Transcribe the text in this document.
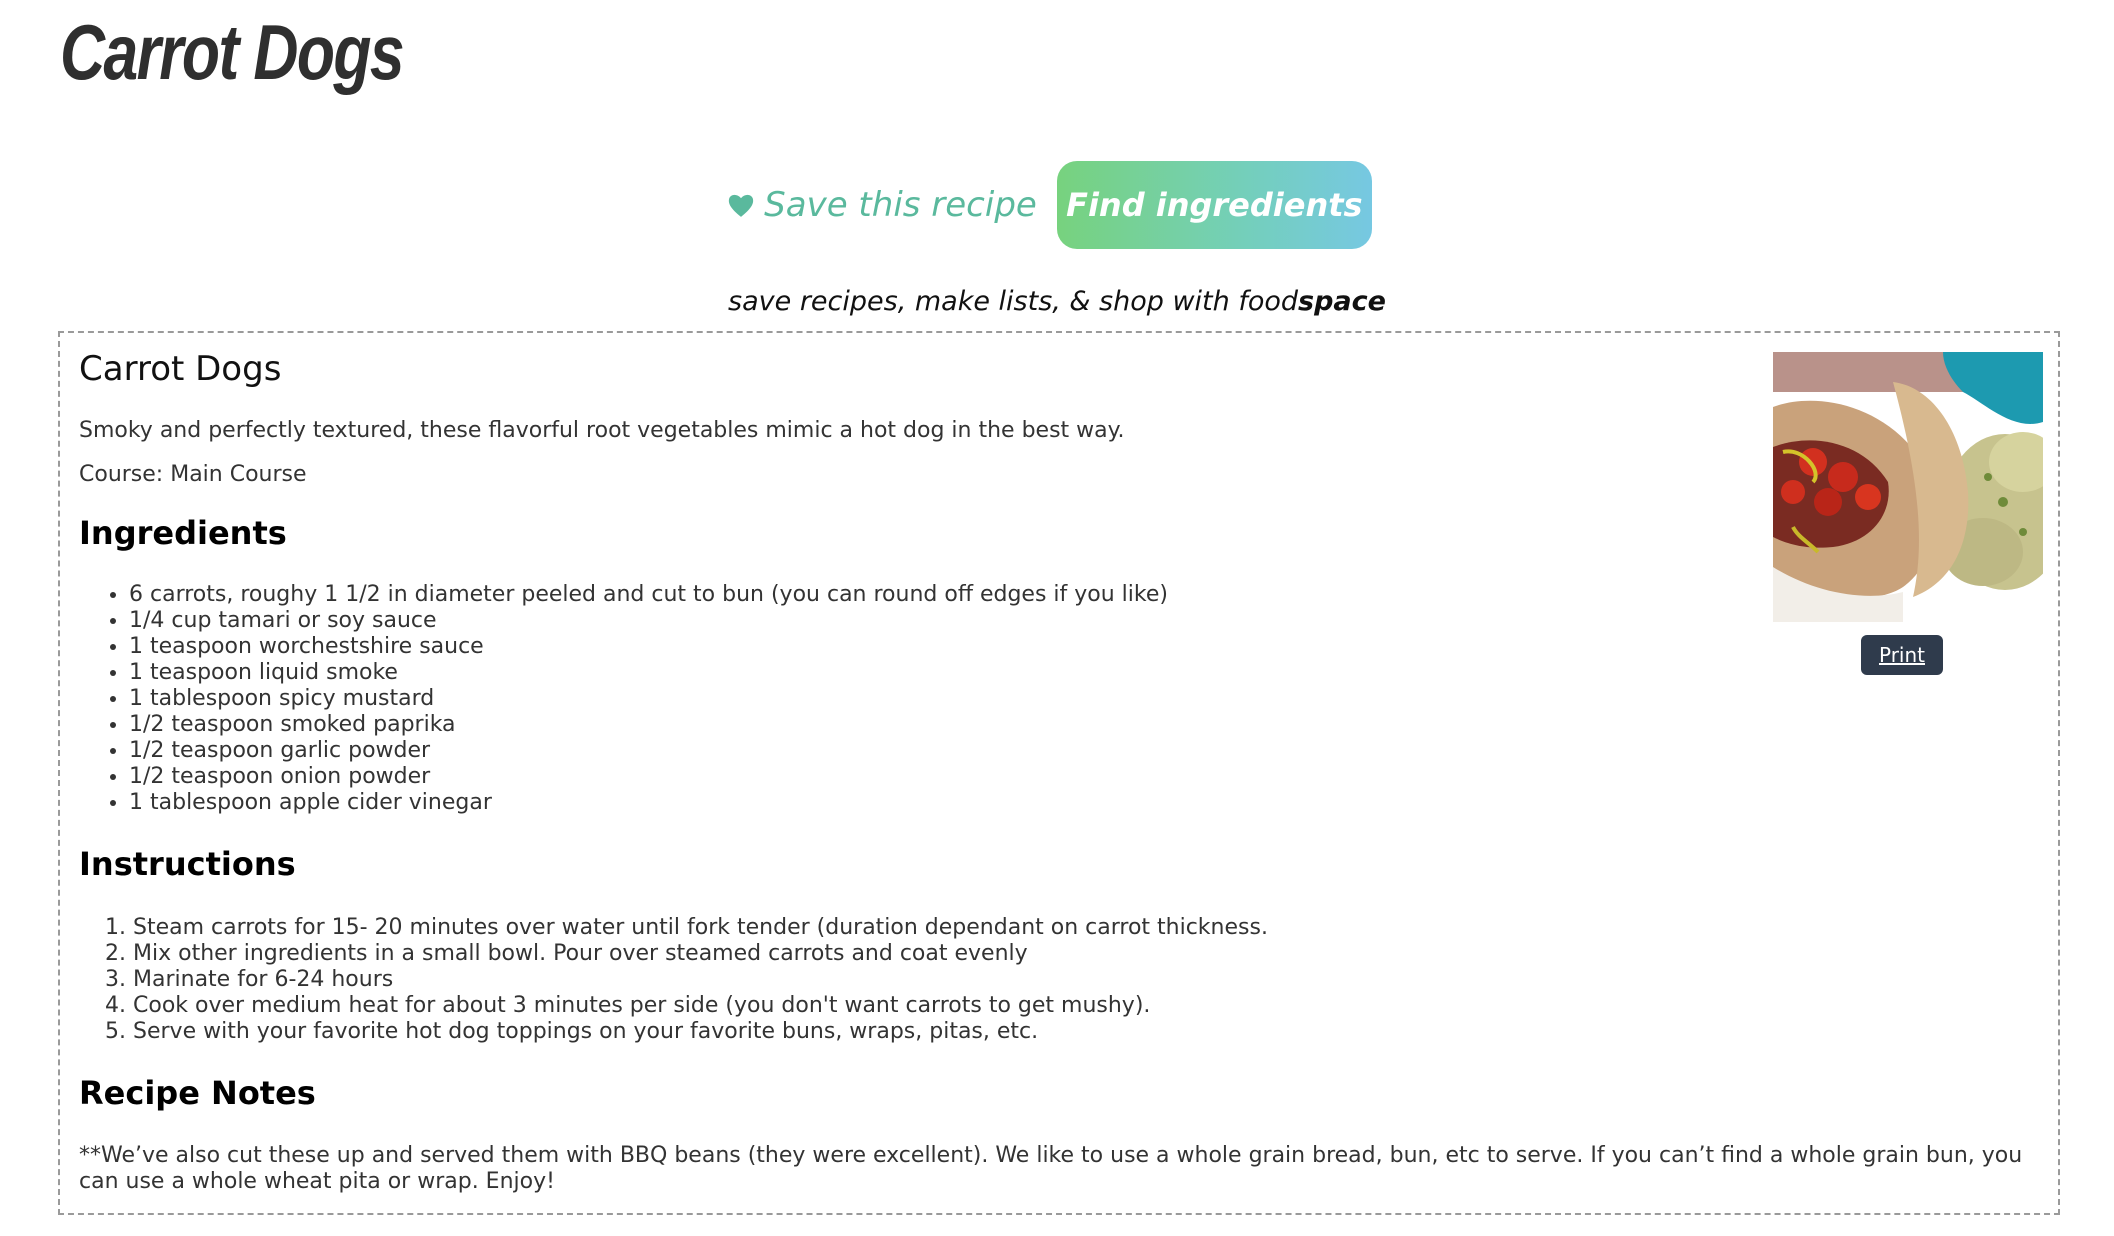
Carrot Dogs
Save this recipe Find ingredients
save recipes, make lists, & shop with foodspace
Carrot Dogs
Smoky and perfectly textured, these flavorful root vegetables mimic a hot dog in the best way.
Course: Main Course
Ingredients
• 6 carrots, roughy 1 1/2 in diameter peeled and cut to bun (you can round off edges if you like)
• 1/4 cup tamari or soy sauce
• 1 teaspoon worchestshire sauce
• 1 teaspoon liquid smoke
• 1 tablespoon spicy mustard
• 1/2 teaspoon smoked paprika
• 1/2 teaspoon garlic powder
• 1/2 teaspoon onion powder
• 1 tablespoon apple cider vinegar
Instructions
1. Steam carrots for 15- 20 minutes over water until fork tender (duration dependant on carrot thickness.
2. Mix other ingredients in a small bowl. Pour over steamed carrots and coat evenly
3. Marinate for 6-24 hours
4. Cook over medium heat for about 3 minutes per side (you don't want carrots to get mushy).
5. Serve with your favorite hot dog toppings on your favorite buns, wraps, pitas, etc.
Recipe Notes
**We’ve also cut these up and served them with BBQ beans (they were excellent). We like to use a whole grain bread, bun, etc to serve. If you can’t find a whole grain bun, you can use a whole wheat pita or wrap. Enjoy!
Print
